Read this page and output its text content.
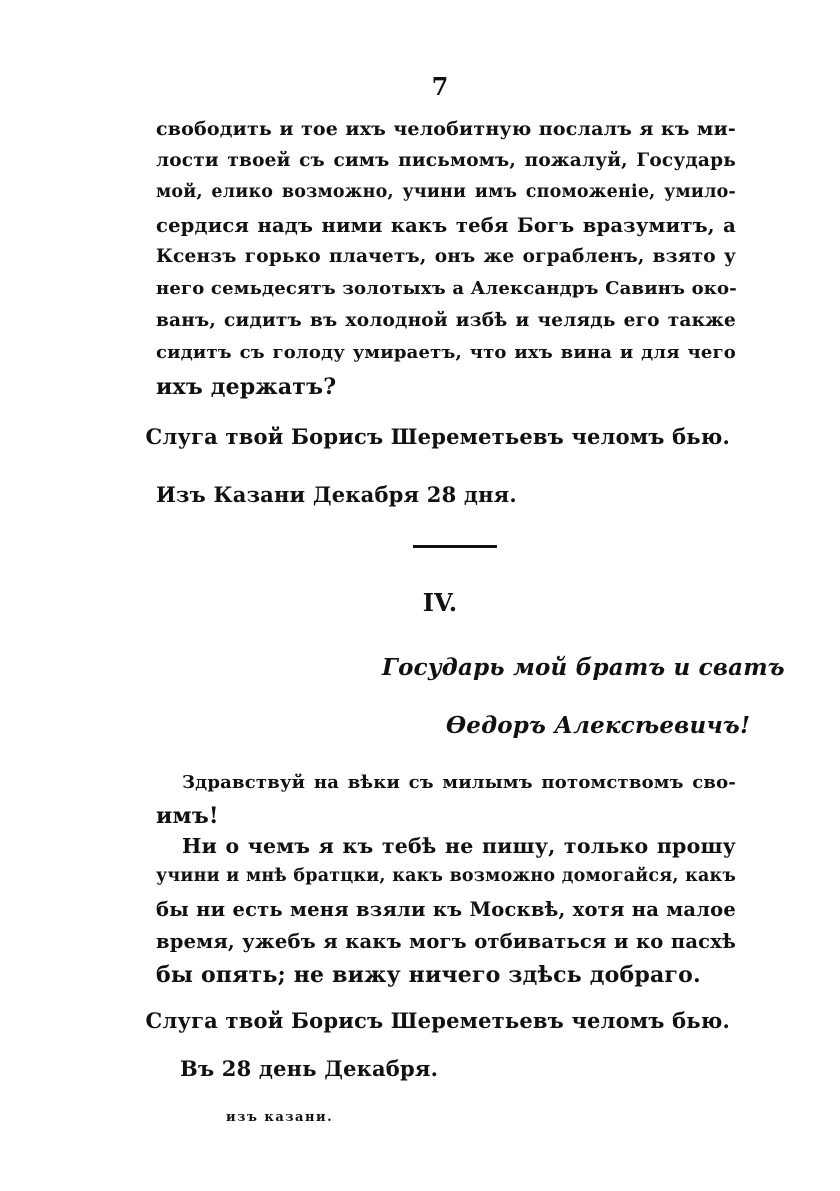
7
свободить и тое ихъ челобитную послалъ я къ ми-
лости твоей съ симъ письмомъ, пожалуй, Государь
мой, елико возможно, учини имъ споможеніе, умило-
сердися надъ ними какъ тебя Богъ вразумитъ, а
Ксензъ горько плачетъ, онъ же ограбленъ, взято у
него семьдесятъ золотыхъ а Александръ Савинъ око-
ванъ, сидитъ въ холодной избѣ и челядь его также
сидитъ съ голоду умираетъ, что ихъ вина и для чего
ихъ держатъ?
Слуга твой Борисъ Шереметьевъ челомъ бью.
Изъ Казани Декабря 28 дня.
IV.
Государь мой братъ и сватъ
Ѳедоръ Алексѣевичъ!
Здравствуй на вѣки съ милымъ потомствомъ сво-
имъ!
Ни о чемъ я къ тебѣ не пишу, только прошу
учини и мнѣ братцки, какъ возможно домогайся, какъ
бы ни есть меня взяли къ Москвѣ, хотя на малое
время, ужебъ я какъ могъ отбиваться и ко пасхѣ
бы опять; не вижу ничего здѣсь добраго.
Слуга твой Борисъ Шереметьевъ челомъ бью.
Въ 28 день Декабря.
изъ казани.
